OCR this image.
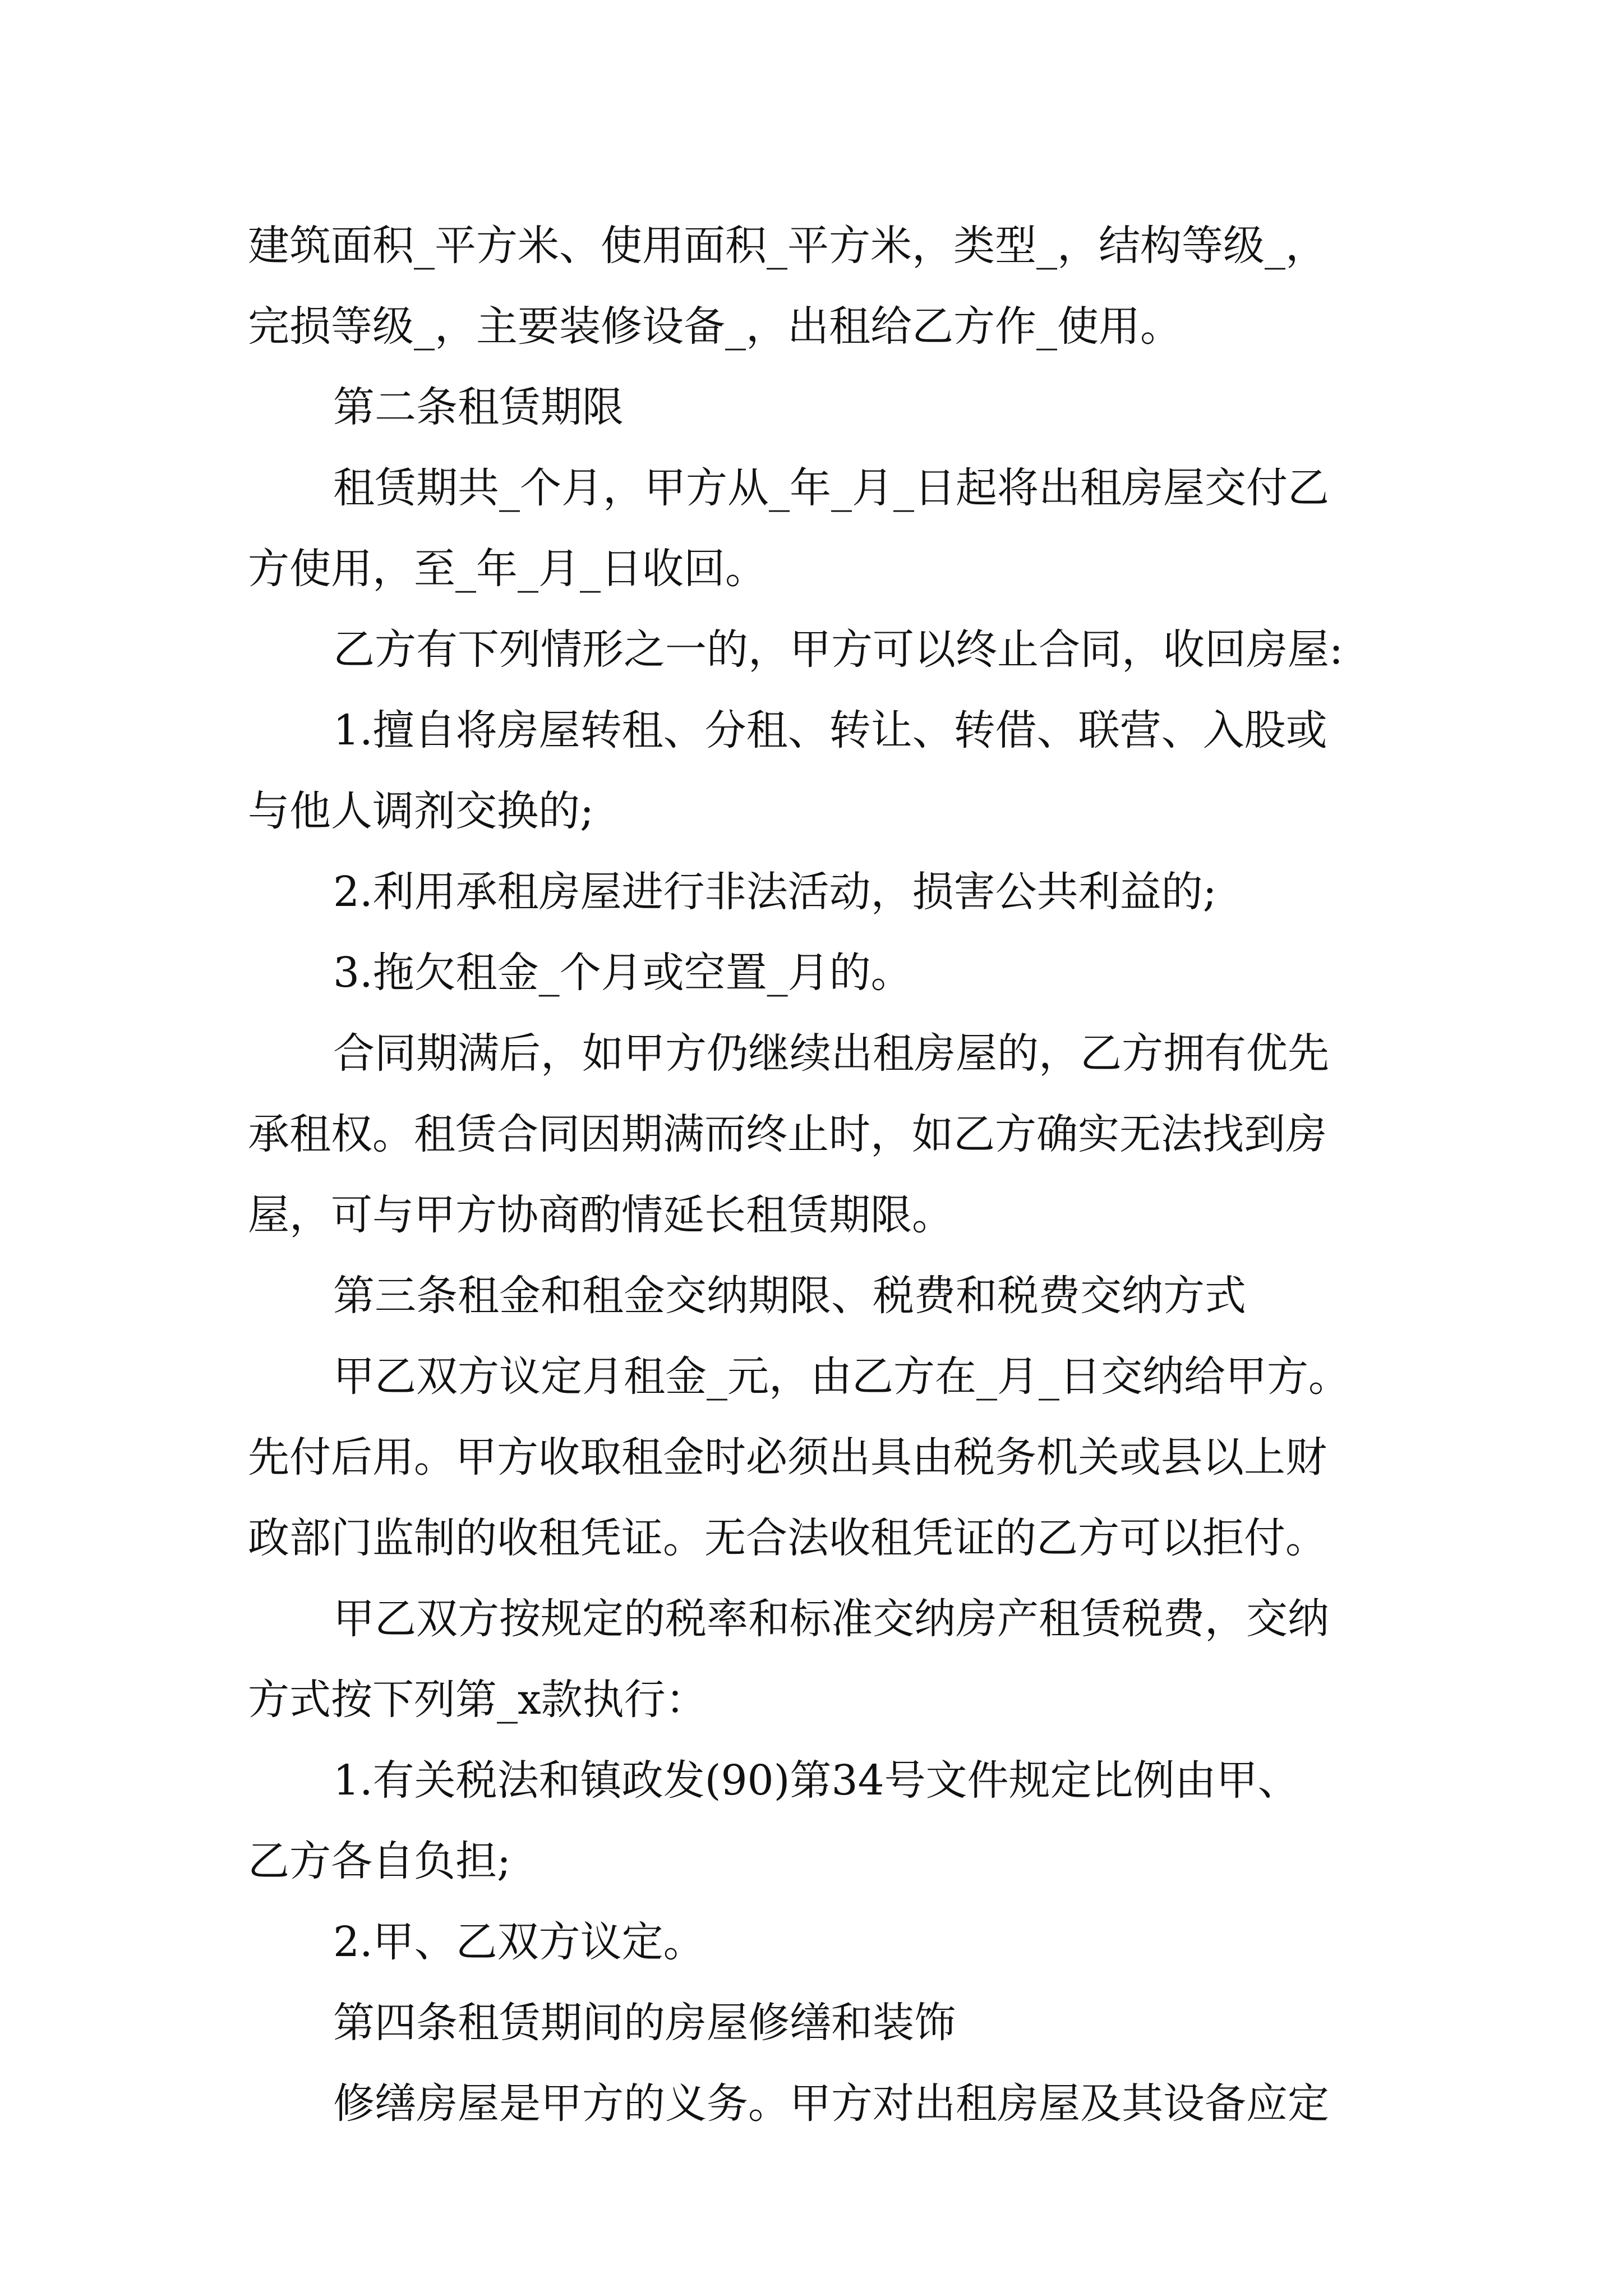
建筑面积_平方米、使用面积_平方米，类型_，结构等级_，
完损等级_，主要装修设备_，出租给乙方作_使用。
第二条租赁期限
租赁期共_个月，甲方从_年_月_日起将出租房屋交付乙
方使用，至_年_月_日收回。
乙方有下列情形之一的，甲方可以终止合同，收回房屋:
1.擅自将房屋转租、分租、转让、转借、联营、入股或
与他人调剂交换的;
2.利用承租房屋进行非法活动，损害公共利益的;
3.拖欠租金_个月或空置_月的。
合同期满后，如甲方仍继续出租房屋的，乙方拥有优先
承租权。租赁合同因期满而终止时，如乙方确实无法找到房
屋，可与甲方协商酌情延长租赁期限。
第三条租金和租金交纳期限、税费和税费交纳方式
甲乙双方议定月租金_元，由乙方在_月_日交纳给甲方。
先付后用。甲方收取租金时必须出具由税务机关或县以上财
政部门监制的收租凭证。无合法收租凭证的乙方可以拒付。
甲乙双方按规定的税率和标准交纳房产租赁税费，交纳
方式按下列第_x款执行：
1.有关税法和镇政发(90)第34号文件规定比例由甲、
乙方各自负担;
2.甲、乙双方议定。
第四条租赁期间的房屋修缮和装饰
修缮房屋是甲方的义务。甲方对出租房屋及其设备应定
